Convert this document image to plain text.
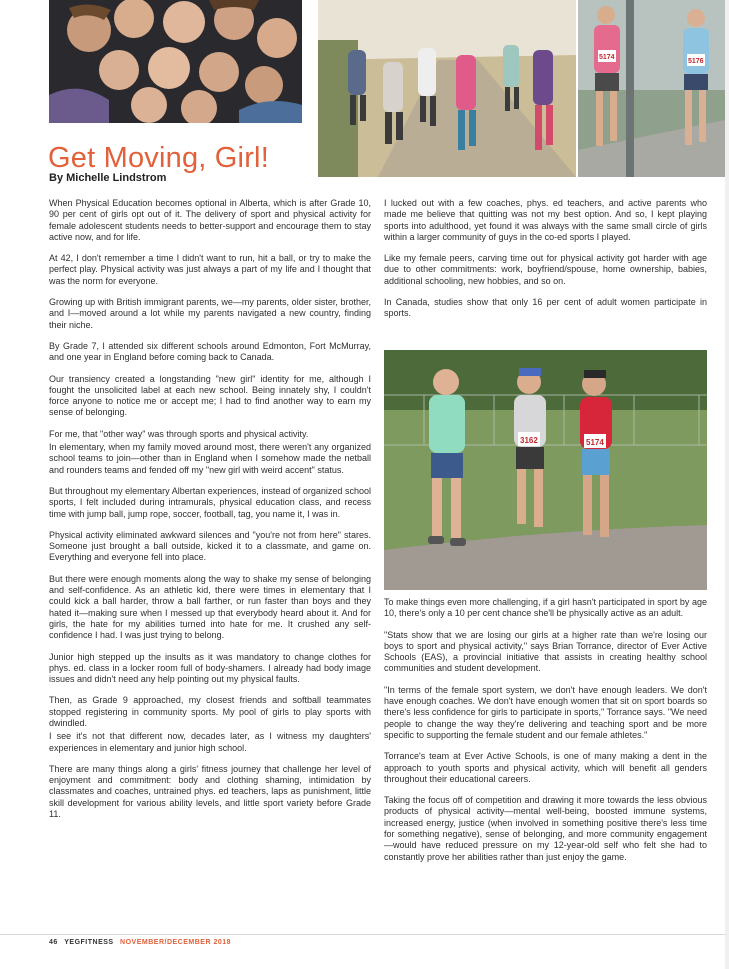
Get Moving, Girl!
By Michelle Lindstrom

When Physical Education becomes optional in Alberta, which is after Grade 10, 90 per cent of girls opt out of it. The delivery of sport and physical activity for female adolescent students needs to better-support and encourage them to stay active now, and for life.

At 42, I don't remember a time I didn't want to run, hit a ball, or try to make the perfect play. Physical activity was just always a part of my life and I thought that was the norm for everyone.

Growing up with British immigrant parents, we—my parents, older sister, brother, and I—moved around a lot while my parents navigated a new country, finding their niche.

By Grade 7, I attended six different schools around Edmonton, Fort McMurray, and one year in England before coming back to Canada.

Our transiency created a longstanding "new girl" identity for me, although I fought the unsolicited label at each new school. Being innately shy, I couldn't force anyone to notice me or accept me; I had to find another way to earn my sense of belonging.

For me, that "other way" was through sports and physical activity.

In elementary, when my family moved around most, there weren't any organized school teams to join—other than in England when I somehow made the netball and rounders teams and fended off my "new girl with weird accent" status.

But throughout my elementary Albertan experiences, instead of organized school sports, I felt included during intramurals, physical education class, and recess time with jump ball, jump rope, soccer, football, tag, you name it, I was in.

Physical activity eliminated awkward silences and "you're not from here" stares. Someone just brought a ball outside, kicked it to a classmate, and game on. Everything and everyone fell into place.

But there were enough moments along the way to shake my sense of belonging and self-confidence. As an athletic kid, there were times in elementary that I could kick a ball harder, throw a ball farther, or run faster than boys and they hated it—making sure when I messed up that everybody heard about it. And for girls, the hate for my abilities turned into hate for me. It crushed any self-confidence I had. I was just trying to belong.

Junior high stepped up the insults as it was mandatory to change clothes for phys. ed. class in a locker room full of body-shamers. I already had body image issues and didn't need any help pointing out my physical faults.

Then, as Grade 9 approached, my closest friends and softball teammates stopped registering in community sports. My pool of girls to play sports with dwindled.

I see it's not that different now, decades later, as I witness my daughters' experiences in elementary and junior high school.

There are many things along a girls' fitness journey that challenge her level of enjoyment and commitment: body and clothing shaming, intimidation by classmates and coaches, untrained phys. ed teachers, laps as punishment, little skill development for various ability levels, and little sport variety before Grade 11.

I lucked out with a few coaches, phys. ed teachers, and active parents who made me believe that quitting was not my best option. And so, I kept playing sports into adulthood, yet found it was always with the same small circle of girls within a larger community of guys in the co-ed sports I played.

Like my female peers, carving time out for physical activity got harder with age due to other commitments: work, boyfriend/spouse, home ownership, babies, additional schooling, new hobbies, and so on.

In Canada, studies show that only 16 per cent of adult women participate in sports.

3162	5174

To make things even more challenging, if a girl hasn't participated in sport by age 10, there's only a 10 per cent chance she'll be physically active as an adult.

"Stats show that we are losing our girls at a higher rate than we're losing our boys to sport and physical activity," says Brian Torrance, director of Ever Active Schools (EAS), a provincial initiative that assists in creating healthy school communities and student development.

"In terms of the female sport system, we don't have enough leaders. We don't have enough coaches. We don't have enough women that sit on sport boards so there's less confidence for girls to participate in sports," Torrance says. "We need people to change the way they're delivering and teaching sport and be more specific to supporting the female student and our female athletes."

Torrance's team at Ever Active Schools, is one of many making a dent in the approach to youth sports and physical activity, which will benefit all genders throughout their educational careers.

Taking the focus off of competition and drawing it more towards the less obvious products of physical activity—mental well-being, boosted immune systems, increased energy, justice (when involved in something positive there's less time for something negative), sense of belonging, and more community engagement—would have reduced pressure on my 12-year-old self who felt she had to constantly prove her abilities rather than just enjoy the game.

46 YEGFITNESS NOVEMBER/DECEMBER 2018
5174
5176
